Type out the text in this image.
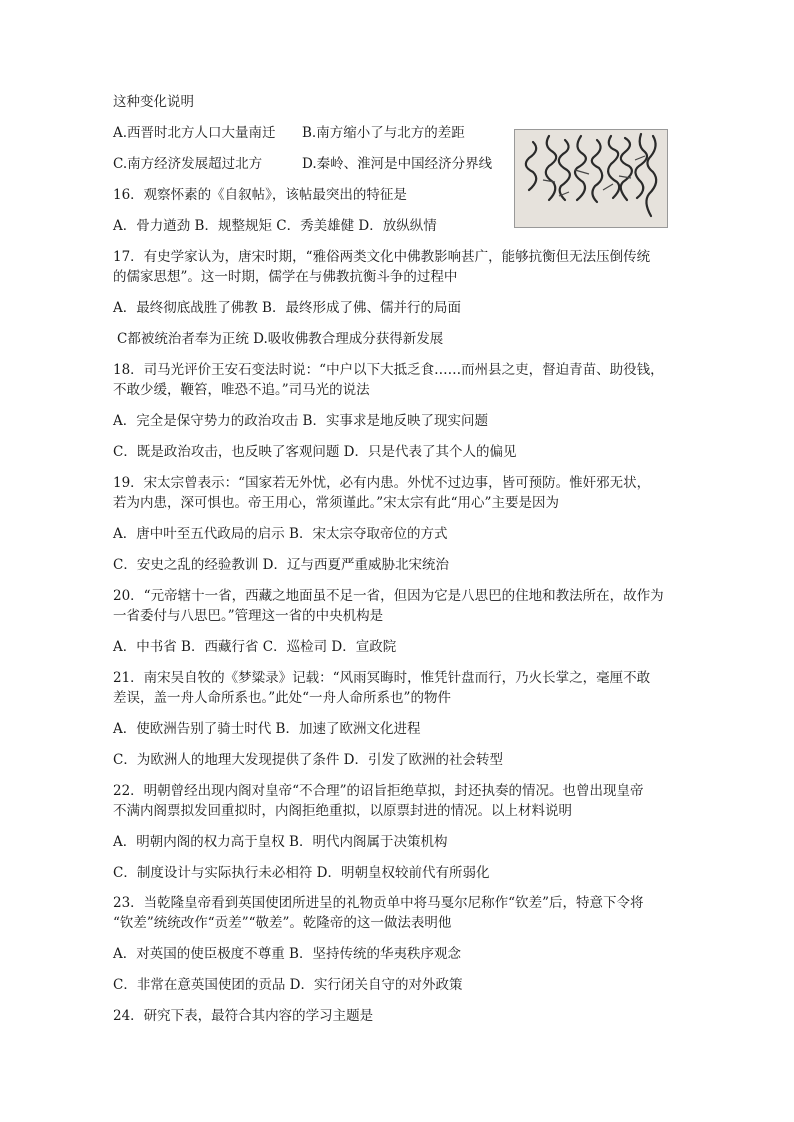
这种变化说明
A.西晋时北方人口大量南迁 B.南方缩小了与北方的差距
C.南方经济发展超过北方	D.秦岭、淮河是中国经济分界线
16．观察怀素的《自叙帖》，该帖最突出的特征是
A．骨力遒劲 B．规整规矩 C．秀美雄健 D．放纵纵情
17．有史学家认为，唐宋时期，“雅俗两类文化中佛教影响甚广，能够抗衡但无法压倒传统
的儒家思想”。这一时期，儒学在与佛教抗衡斗争的过程中
A．最终彻底战胜了佛教 B．最终形成了佛、儒并行的局面
C都被统治者奉为正统 D.吸收佛教合理成分获得新发展
18．司马光评价王安石变法时说：“中户以下大抵乏食……而州县之吏，督迫青苗、助役钱，
不敢少缓，鞭笞，唯恐不追。”司马光的说法
A．完全是保守势力的政治攻击 B．实事求是地反映了现实问题
C．既是政治攻击，也反映了客观问题 D．只是代表了其个人的偏见
19．宋太宗曾表示：“国家若无外忧，必有内患。外忧不过边事，皆可预防。惟奸邪无状，
若为内患，深可惧也。帝王用心，常须谨此。”宋太宗有此“用心”主要是因为
A．唐中叶至五代政局的启示 B．宋太宗夺取帝位的方式
C．安史之乱的经验教训 D．辽与西夏严重威胁北宋统治
20．“元帝辖十一省，西藏之地面虽不足一省，但因为它是八思巴的住地和教法所在，故作为
一省委付与八思巴。”管理这一省的中央机构是
A．中书省 B．西藏行省 C．巡检司 D．宣政院
21．南宋吴自牧的《梦粱录》记载：“风雨冥晦时，惟凭针盘而行，乃火长掌之，毫厘不敢
差误，盖一舟人命所系也。”此处“一舟人命所系也”的物件
A．使欧洲告别了骑士时代 B．加速了欧洲文化进程
C．为欧洲人的地理大发现提供了条件 D．引发了欧洲的社会转型
22．明朝曾经出现内阁对皇帝“不合理”的诏旨拒绝草拟，封还执奏的情况。也曾出现皇帝
不满内阁票拟发回重拟时，内阁拒绝重拟，以原票封进的情况。以上材料说明
A．明朝内阁的权力高于皇权 B．明代内阁属于决策机构
C．制度设计与实际执行未必相符 D．明朝皇权较前代有所弱化
23．当乾隆皇帝看到英国使团所进呈的礼物贡单中将马戛尔尼称作“钦差”后，特意下令将
“钦差”统统改作“贡差”“敬差”。乾隆帝的这一做法表明他
A．对英国的使臣极度不尊重 B．坚持传统的华夷秩序观念
C．非常在意英国使团的贡品 D．实行闭关自守的对外政策
24．研究下表，最符合其内容的学习主题是
